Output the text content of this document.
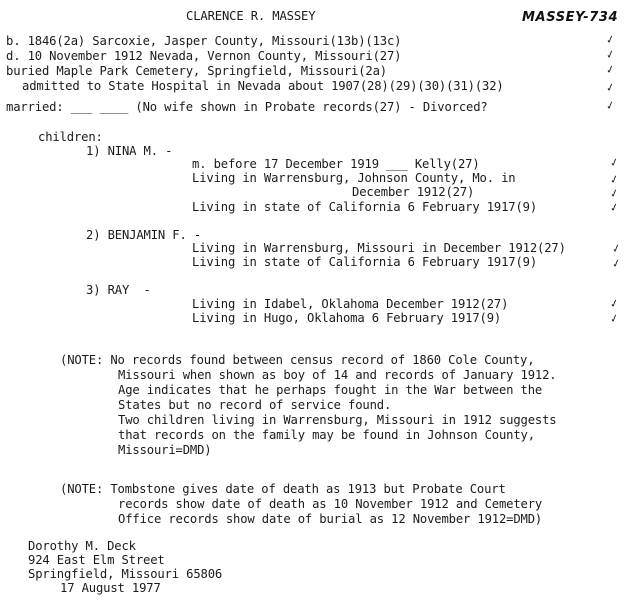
CLARENCE R. MASSEY	MASSEY-734
b. 1846(2a) Sarcoxie, Jasper County, Missouri(13b)(13c)
d. 10 November 1912 Nevada, Vernon County, Missouri(27)
buried Maple Park Cemetery, Springfield, Missouri(2a)
admitted to State Hospital in Nevada about 1907(28)(29)(30)(31)(32)
married: ___ ____ (No wife shown in Probate records(27) - Divorced?
children:
1) NINA M. -
m. before 17 December 1919 ___ Kelly(27)
Living in Warrensburg, Johnson County, Mo. in
December 1912(27)
Living in state of California 6 February 1917(9)
2) BENJAMIN F. -
Living in Warrensburg, Missouri in December 1912(27)
Living in state of California 6 February 1917(9)
3) RAY  -
Living in Idabel, Oklahoma December 1912(27)
Living in Hugo, Oklahoma 6 February 1917(9)
(NOTE: No records found between census record of 1860 Cole County,
Missouri when shown as boy of 14 and records of January 1912.
Age indicates that he perhaps fought in the War between the
States but no record of service found.
Two children living in Warrensburg, Missouri in 1912 suggests
that records on the family may be found in Johnson County,
Missouri=DMD)
(NOTE: Tombstone gives date of death as 1913 but Probate Court
records show date of death as 10 November 1912 and Cemetery
Office records show date of burial as 12 November 1912=DMD)
Dorothy M. Deck
924 East Elm Street
Springfield, Missouri 65806
17 August 1977
✓
✓
✓
✓
✓
✓
✓
✓
✓
✓
✓
✓
✓
